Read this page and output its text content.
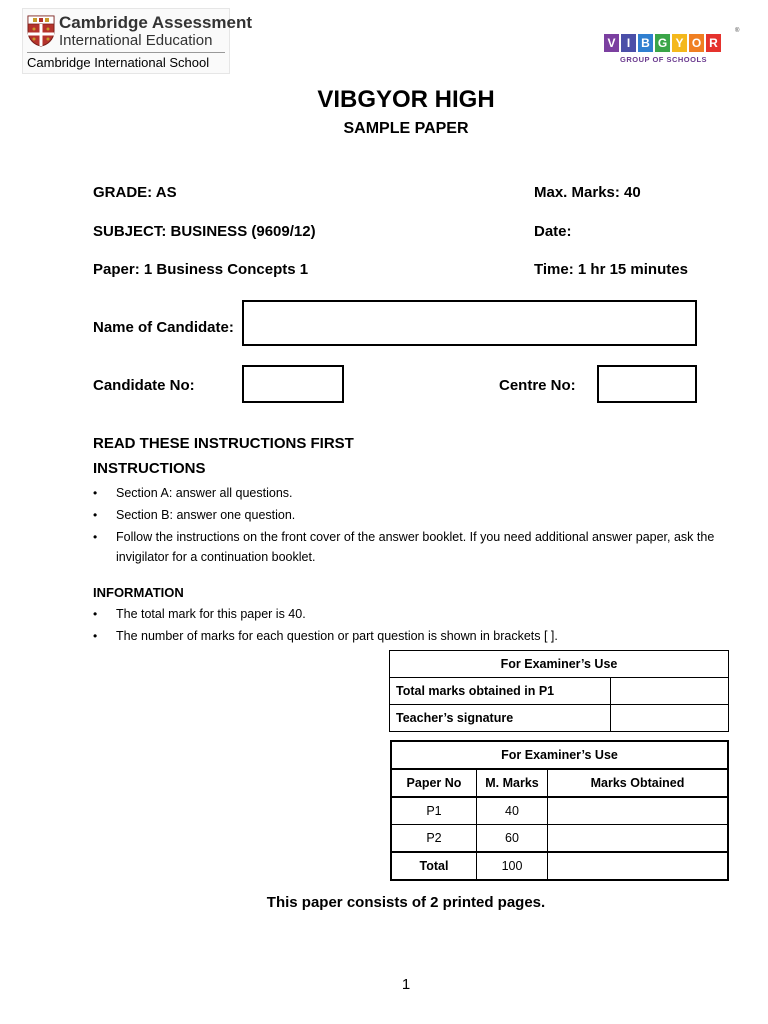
Cambridge Assessment
International Education
Cambridge International School
V I B G Y O R
®
GROUP OF SCHOOLS
VIBGYOR HIGH
SAMPLE PAPER
GRADE: AS	Max. Marks: 40
SUBJECT: BUSINESS (9609/12)	Date:
Paper: 1 Business Concepts 1	Time: 1 hr 15 minutes
Name of Candidate:
Candidate No:	Centre No:
READ THESE INSTRUCTIONS FIRST
INSTRUCTIONS
• Section A: answer all questions.
• Section B: answer one question.
• Follow the instructions on the front cover of the answer booklet. If you need additional answer paper, ask the invigilator for a continuation booklet.
INFORMATION
• The total mark for this paper is 40.
• The number of marks for each question or part question is shown in brackets [ ].
For Examiner’s Use	
Total marks obtained in P1	
Teacher’s signature	
For Examiner’s Use		
Paper No	M. Marks	Marks Obtained
P1	40	
P2	60	
Total	100	
This paper consists of 2 printed pages.
1
